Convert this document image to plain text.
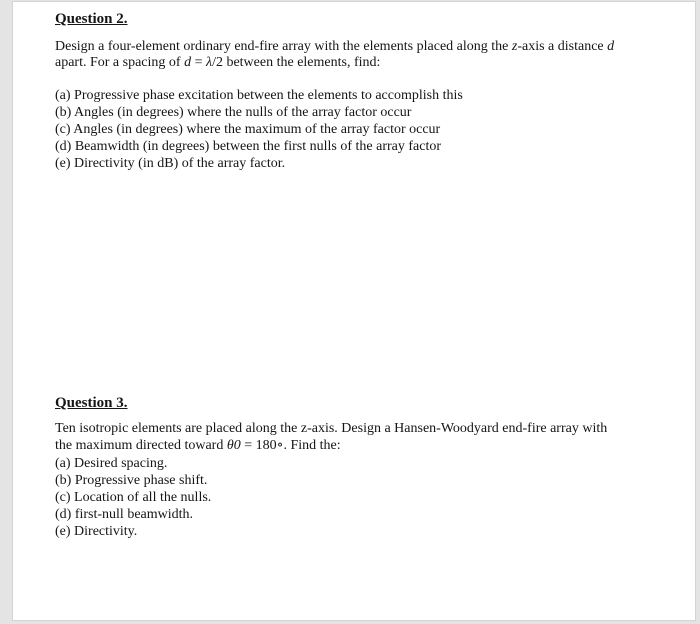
Question 2.
Design a four-element ordinary end-fire array with the elements placed along the z-axis a distance d
apart. For a spacing of d = λ/2 between the elements, find:
(a) Progressive phase excitation between the elements to accomplish this
(b) Angles (in degrees) where the nulls of the array factor occur
(c) Angles (in degrees) where the maximum of the array factor occur
(d) Beamwidth (in degrees) between the first nulls of the array factor
(e) Directivity (in dB) of the array factor.
Question 3.
Ten isotropic elements are placed along the z-axis. Design a Hansen-Woodyard end-fire array with
the maximum directed toward θ0 = 180∘. Find the:
(a) Desired spacing.
(b) Progressive phase shift.
(c) Location of all the nulls.
(d) first-null beamwidth.
(e) Directivity.
